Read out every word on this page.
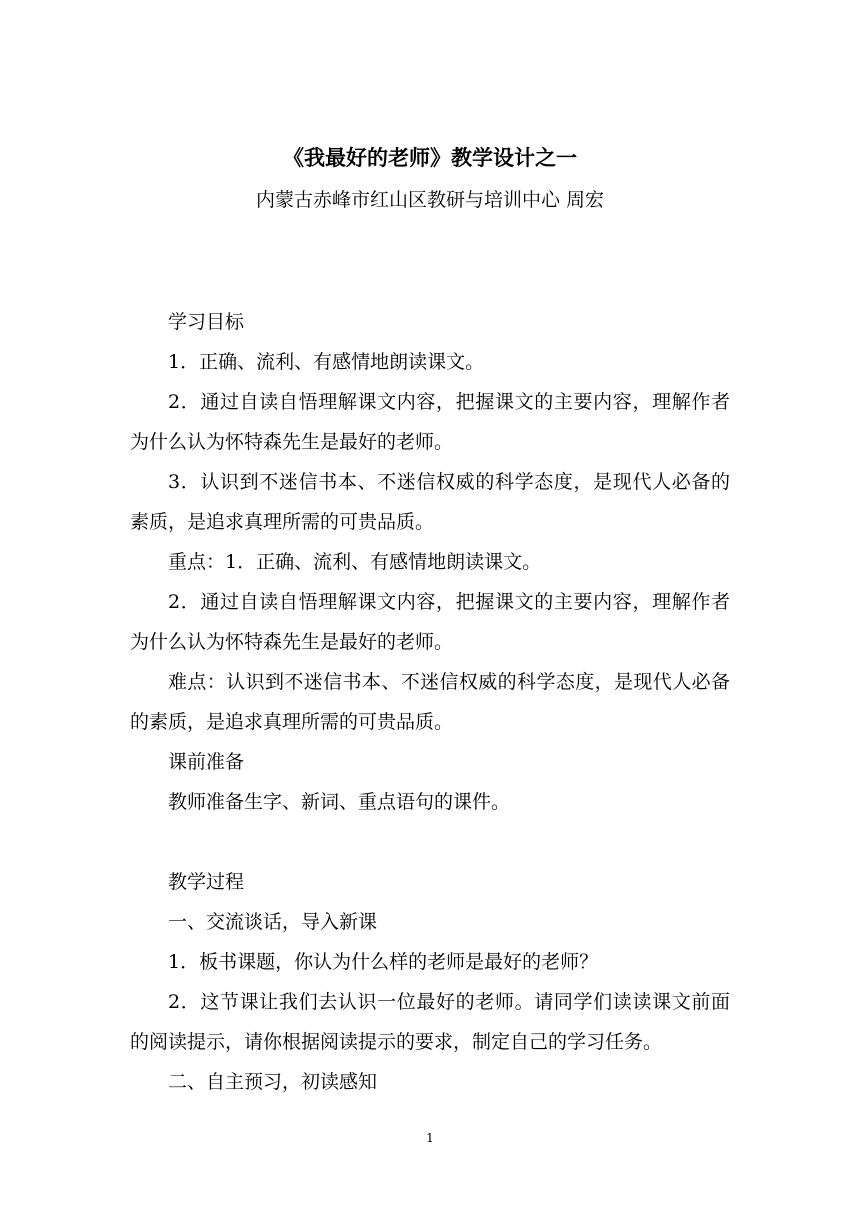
《我最好的老师》教学设计之一
内蒙古赤峰市红山区教研与培训中心 周宏

学习目标

1．正确、流利、有感情地朗读课文。

2．通过自读自悟理解课文内容，把握课文的主要内容，理解作者为什么认为怀特森先生是最好的老师。

3．认识到不迷信书本、不迷信权威的科学态度，是现代人必备的素质，是追求真理所需的可贵品质。

重点：1．正确、流利、有感情地朗读课文。

2．通过自读自悟理解课文内容，把握课文的主要内容，理解作者为什么认为怀特森先生是最好的老师。

难点：认识到不迷信书本、不迷信权威的科学态度，是现代人必备的素质，是追求真理所需的可贵品质。

课前准备

教师准备生字、新词、重点语句的课件。

教学过程

一、交流谈话，导入新课

1．板书课题，你认为什么样的老师是最好的老师？

2．这节课让我们去认识一位最好的老师。请同学们读读课文前面的阅读提示，请你根据阅读提示的要求，制定自己的学习任务。

二、自主预习，初读感知

1
